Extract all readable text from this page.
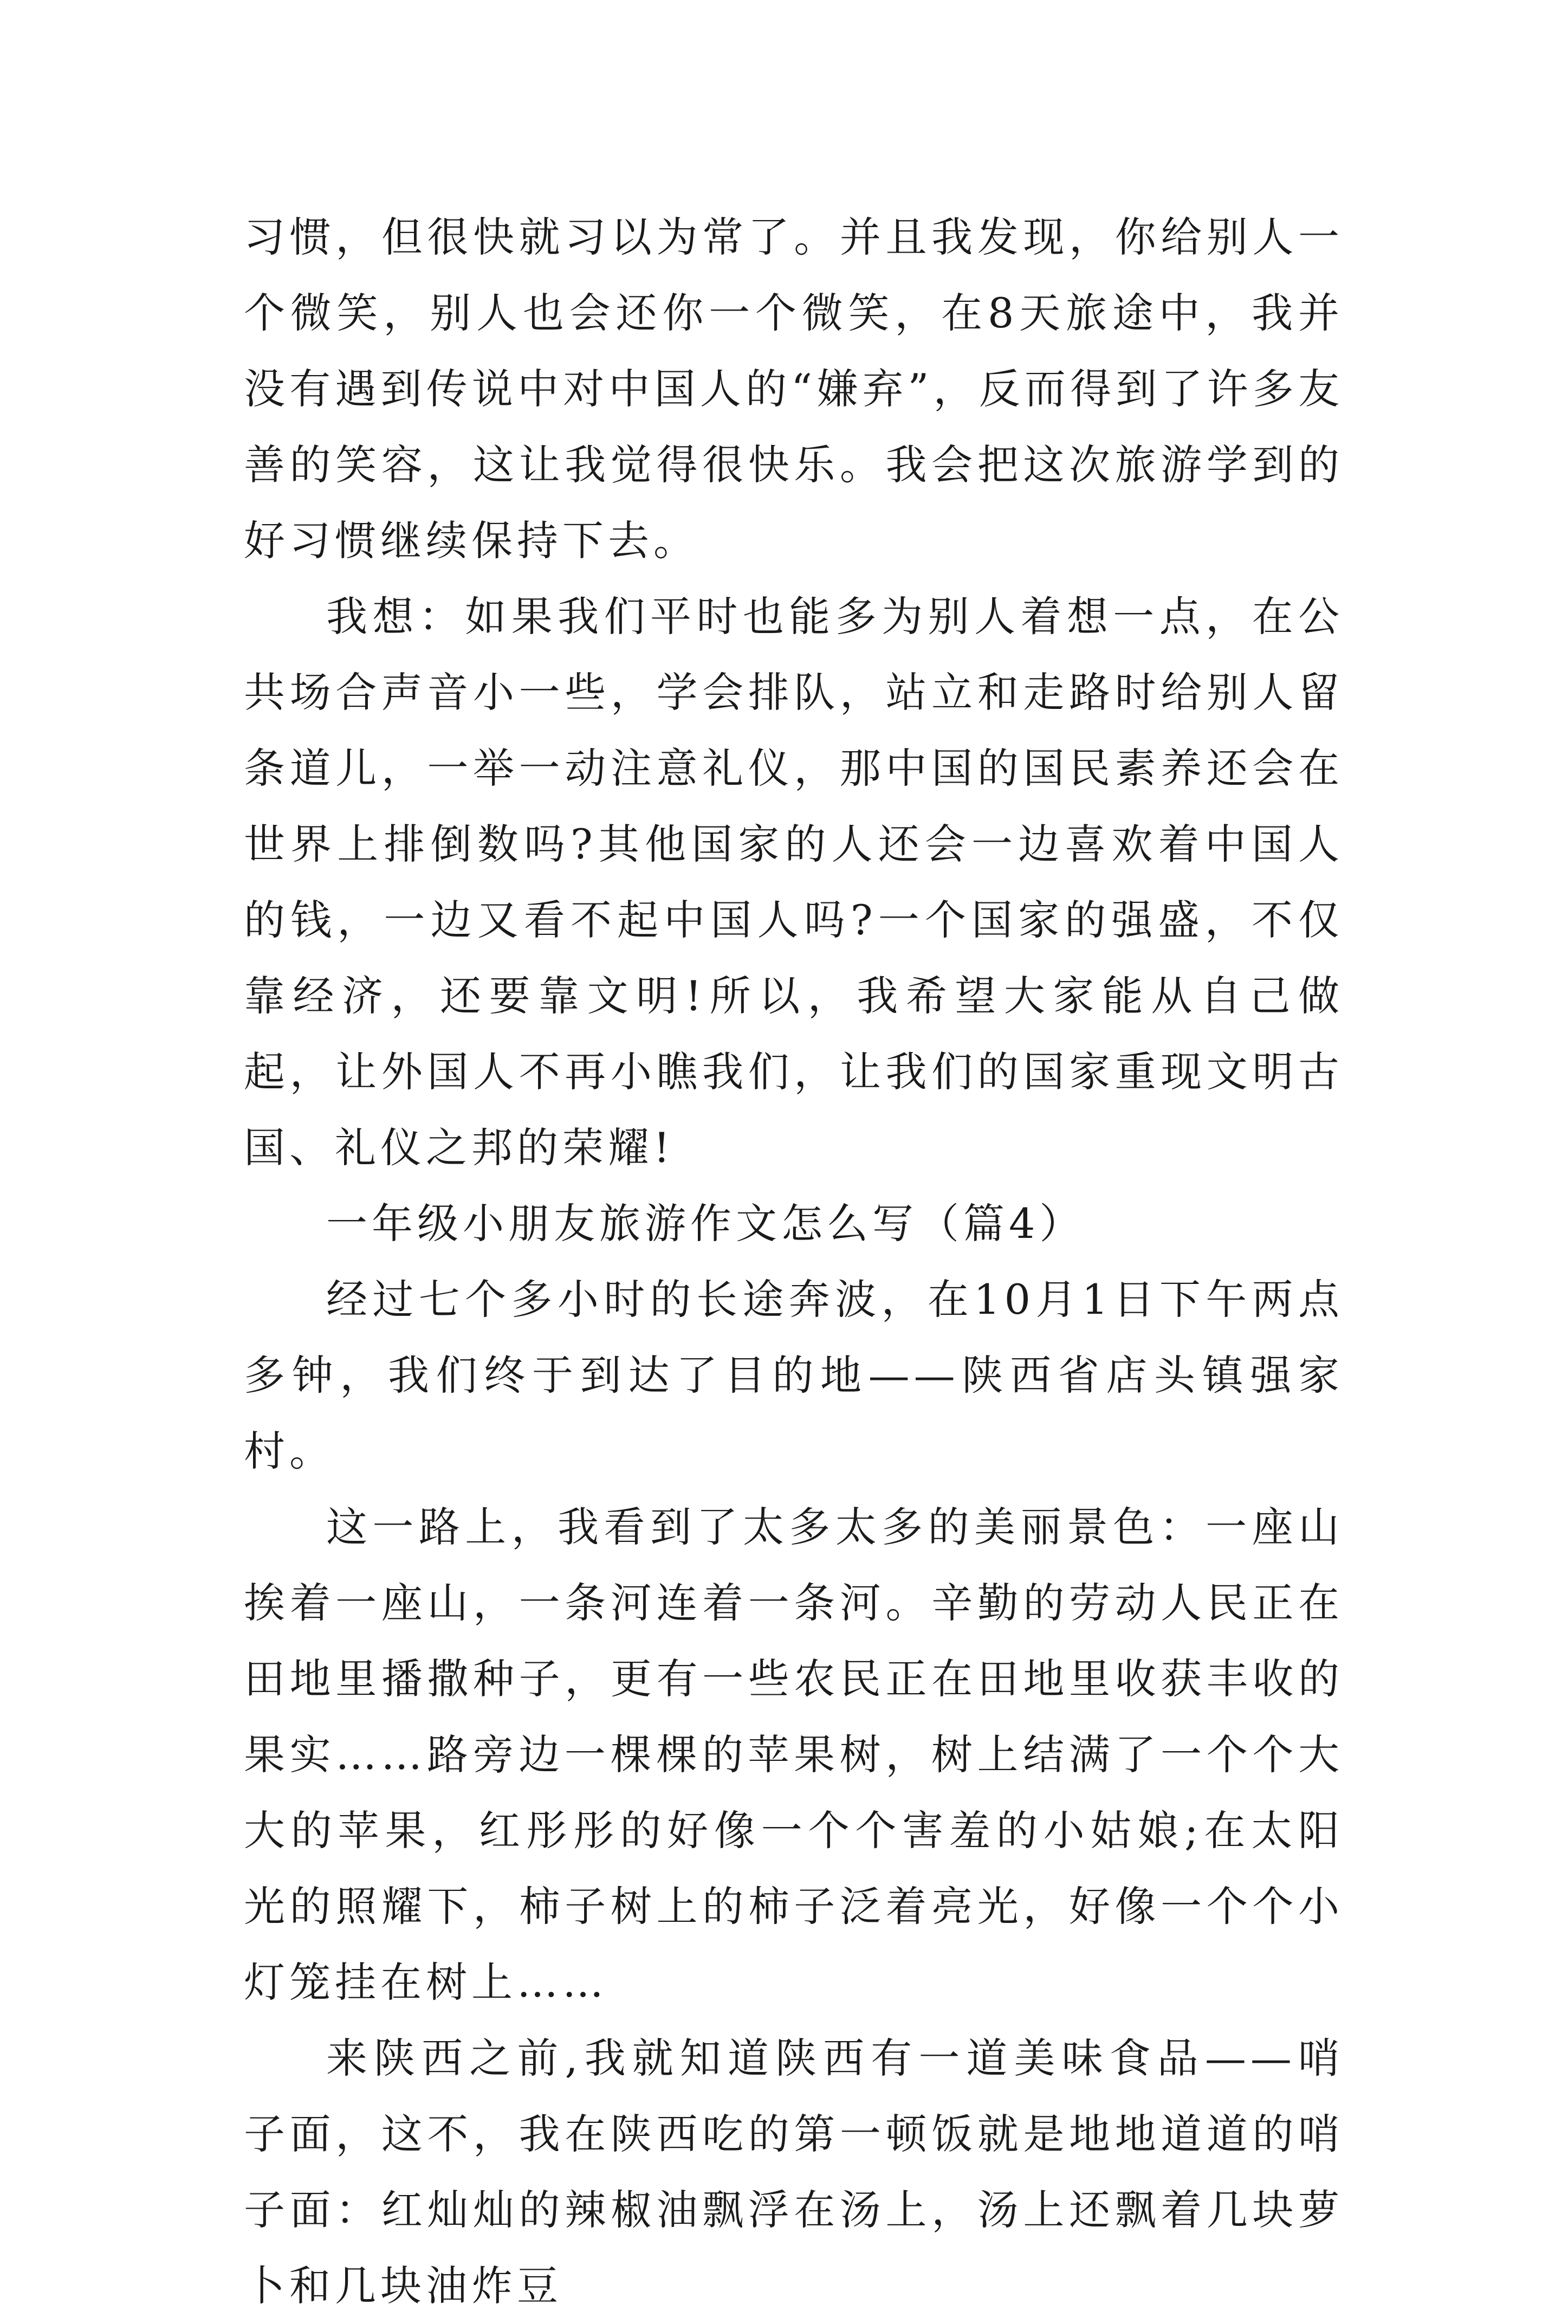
习惯，但很快就习以为常了。并且我发现，你给别人一个微笑，别人也会还你一个微笑，在8天旅途中，我并没有遇到传说中对中国人的“嫌弃”，反而得到了许多友善的笑容，这让我觉得很快乐。我会把这次旅游学到的好习惯继续保持下去。

我想：如果我们平时也能多为别人着想一点，在公共场合声音小一些，学会排队，站立和走路时给别人留条道儿，一举一动注意礼仪，那中国的国民素养还会在世界上排倒数吗?其他国家的人还会一边喜欢着中国人的钱，一边又看不起中国人吗?一个国家的强盛，不仅靠经济，还要靠文明!所以，我希望大家能从自己做起，让外国人不再小瞧我们，让我们的国家重现文明古国、礼仪之邦的荣耀!

一年级小朋友旅游作文怎么写（篇4）

经过七个多小时的长途奔波，在10月1日下午两点多钟，我们终于到达了目的地——陕西省店头镇强家村。

这一路上，我看到了太多太多的美丽景色：一座山挨着一座山，一条河连着一条河。辛勤的劳动人民正在田地里播撒种子，更有一些农民正在田地里收获丰收的果实……路旁边一棵棵的苹果树，树上结满了一个个大大的苹果，红彤彤的好像一个个害羞的小姑娘;在太阳光的照耀下，柿子树上的柿子泛着亮光，好像一个个小灯笼挂在树上……

来陕西之前,我就知道陕西有一道美味食品——哨子面，这不，我在陕西吃的第一顿饭就是地地道道的哨子面：红灿灿的辣椒油飘浮在汤上，汤上还飘着几块萝卜和几块油炸豆
